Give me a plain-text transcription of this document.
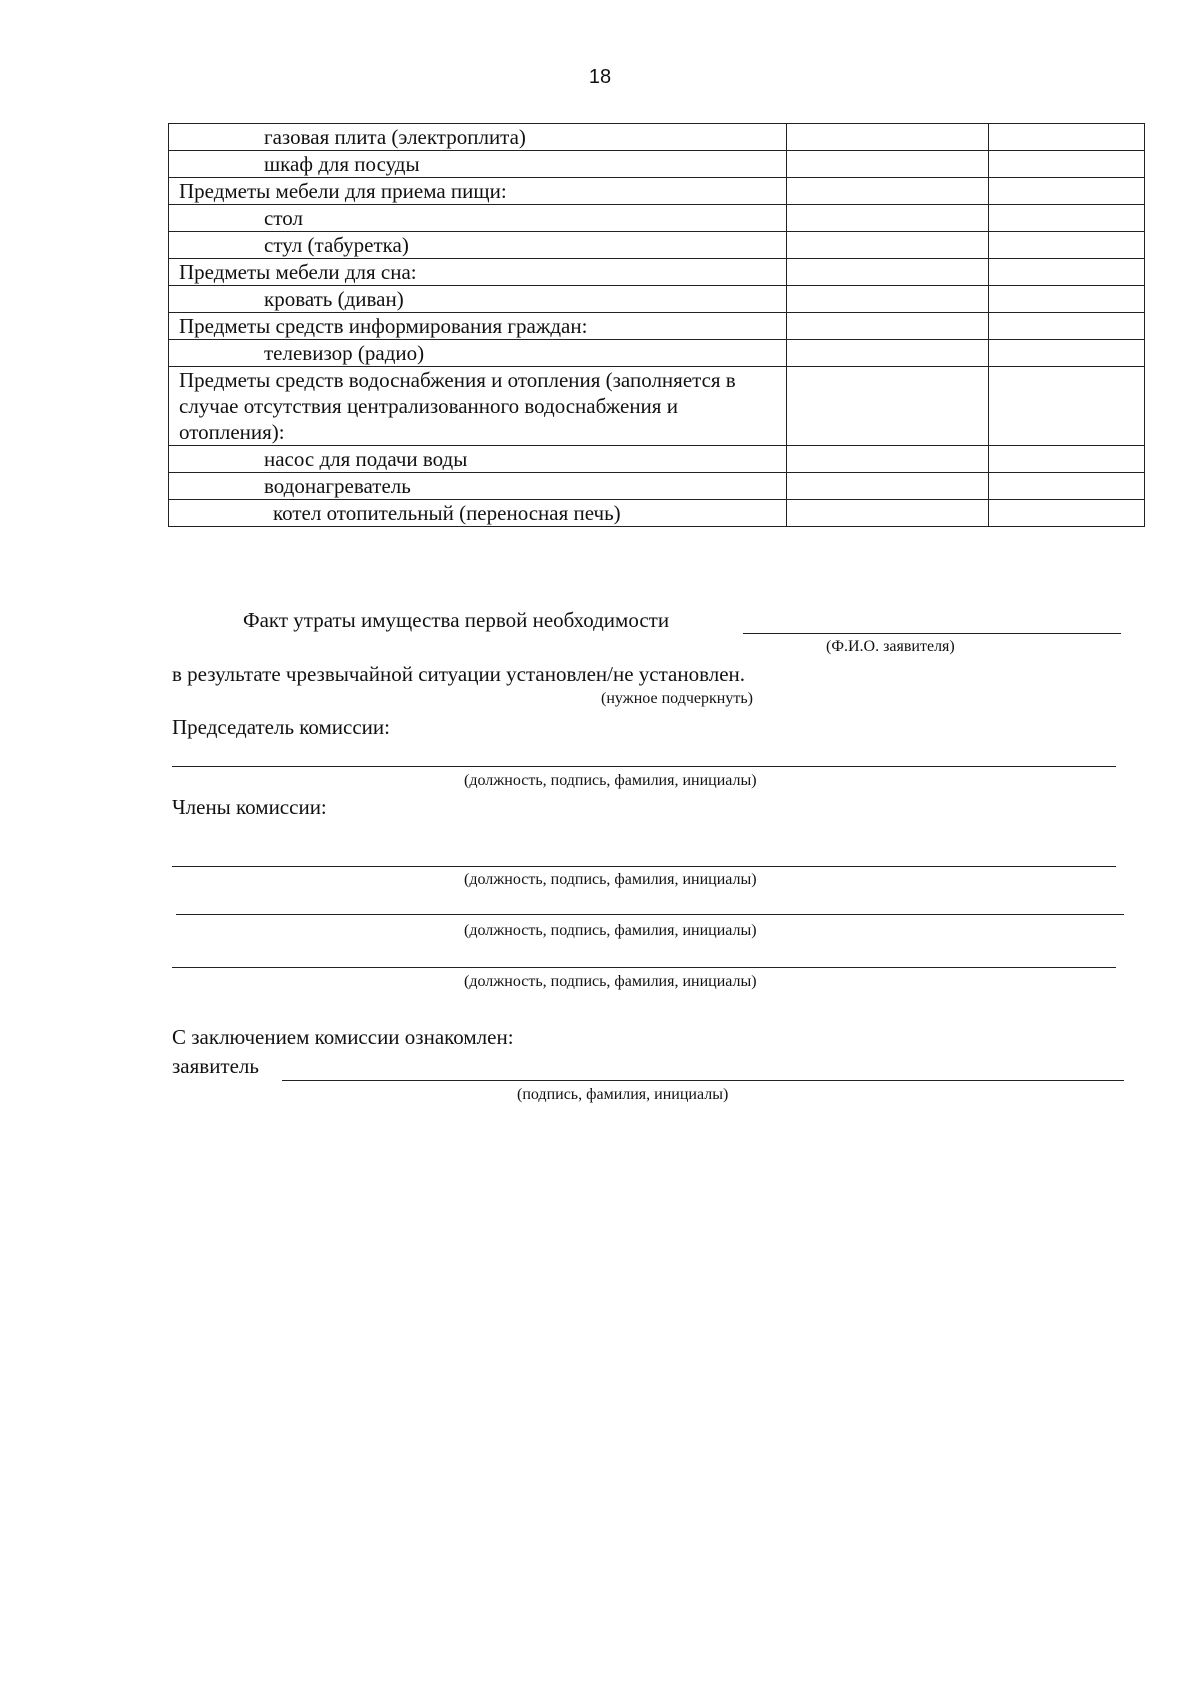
18
газовая плита (электроплита)		
шкаф для посуды		
Предметы мебели для приема пищи:		
стол		
стул (табуретка)		
Предметы мебели для сна:		
кровать (диван)		
Предметы средств информирования граждан:		
телевизор (радио)		
Предметы средств водоснабжения и отопления (заполняется в случае отсутствия централизованного водоснабжения и отопления):		
насос для подачи воды		
водонагреватель		
котел отопительный (переносная печь)		
Факт утраты имущества первой необходимости
(Ф.И.О. заявителя)
в результате чрезвычайной ситуации установлен/не установлен.
(нужное подчеркнуть)
Председатель комиссии:
(должность, подпись, фамилия, инициалы)
Члены комиссии:
(должность, подпись, фамилия, инициалы)
(должность, подпись, фамилия, инициалы)
(должность, подпись, фамилия, инициалы)
С заключением комиссии ознакомлен:
заявитель
(подпись, фамилия, инициалы)
